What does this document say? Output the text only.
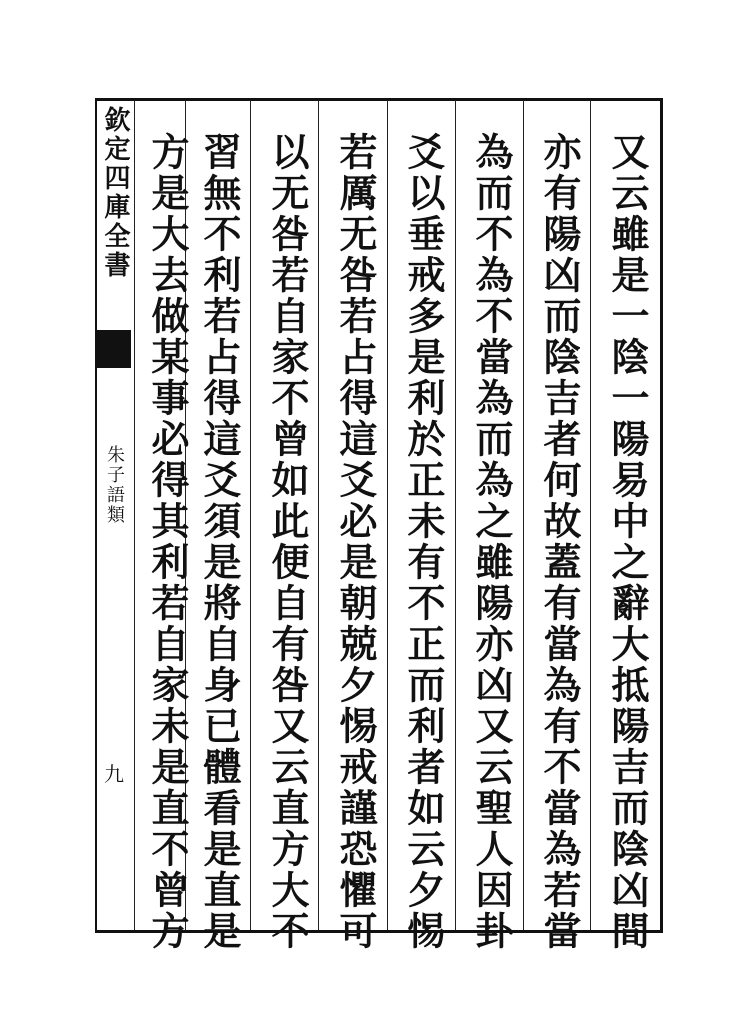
欽定四庫全書
朱子語類
九	又云雖是一陰一陽易中之辭大抵陽吉而陰凶間
亦有陽凶而陰吉者何故蓋有當為有不當為若當
為而不為不當為而為之雖陽亦凶又云聖人因卦
爻以垂戒多是利於正未有不正而利者如云夕惕
若厲无咎若占得這爻必是朝兢夕惕戒謹恐懼可
以无咎若自家不曾如此便自有咎又云直方大不
習無不利若占得這爻須是將自身已體看是直是
方是大去做某事必得其利若自家未是直不曾方
